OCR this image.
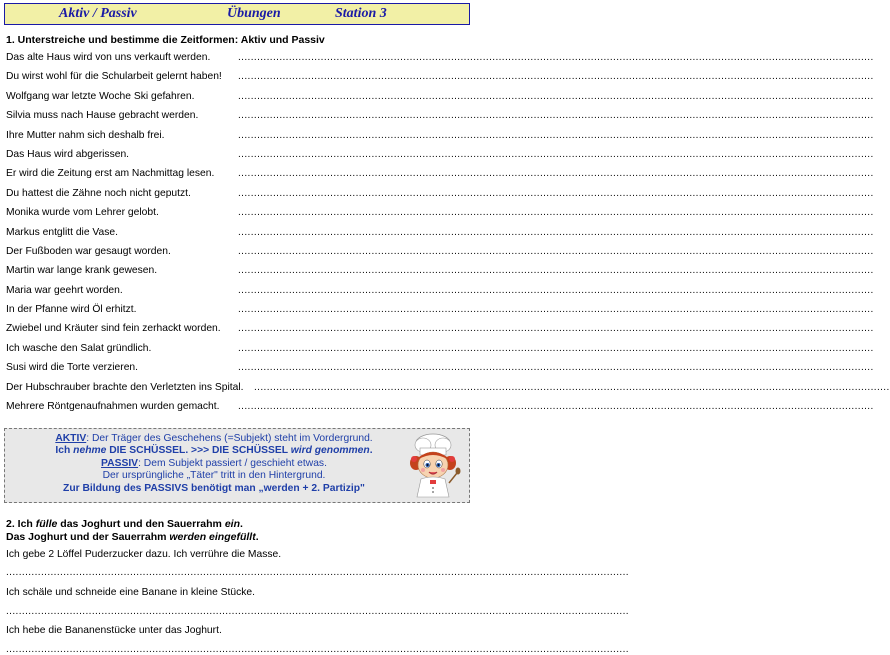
Aktiv / Passiv	Übungen	Station 3
1. Unterstreiche und bestimme die Zeitformen: Aktiv und Passiv
Das alte Haus wird von uns verkauft werden.	........................................................................................................................................................................................................
Du wirst wohl für die Schularbeit gelernt haben! ........................................................................................................................................................................................................
Wolfgang war letzte Woche Ski gefahren.	........................................................................................................................................................................................................
Silvia muss nach Hause gebracht werden.	........................................................................................................................................................................................................
Ihre Mutter nahm sich deshalb frei.	........................................................................................................................................................................................................
Das Haus wird abgerissen.	........................................................................................................................................................................................................
Er wird die Zeitung erst am Nachmittag lesen. ........................................................................................................................................................................................................
Du hattest die Zähne noch nicht geputzt.	........................................................................................................................................................................................................
Monika wurde vom Lehrer gelobt.	........................................................................................................................................................................................................
Markus entglitt die Vase.	........................................................................................................................................................................................................
Der Fußboden war gesaugt worden.	........................................................................................................................................................................................................
Martin war lange krank gewesen.	........................................................................................................................................................................................................
Maria war geehrt worden.	........................................................................................................................................................................................................
In der Pfanne wird Öl erhitzt.	........................................................................................................................................................................................................
Zwiebel und Kräuter sind fein zerhackt worden. ........................................................................................................................................................................................................
Ich wasche den Salat gründlich.	........................................................................................................................................................................................................
Susi wird die Torte verzieren.	........................................................................................................................................................................................................
Der Hubschrauber brachte den Verletzten ins Spital. ........................................................................................................................................................................................................
Mehrere Röntgenaufnahmen wurden gemacht. ........................................................................................................................................................................................................
AKTIV: Der Träger des Geschehens (=Subjekt) steht im Vordergrund.
Ich nehme DIE SCHÜSSEL. >>> DIE SCHÜSSEL wird genommen.
PASSIV: Dem Subjekt passiert / geschieht etwas.
Der ursprüngliche „Täter" tritt in den Hintergrund.
Zur Bildung des PASSIVS benötigt man „werden + 2. Partizip"
2. Ich fülle das Joghurt und den Sauerrahm ein.
Das Joghurt und der Sauerrahm werden eingefüllt.
Ich gebe 2 Löffel Puderzucker dazu. Ich verrühre die Masse.
....................................................................................................................................................................................................
Ich schäle und schneide eine Banane in kleine Stücke.
....................................................................................................................................................................................................
Ich hebe die Bananenstücke unter das Joghurt.
....................................................................................................................................................................................................
